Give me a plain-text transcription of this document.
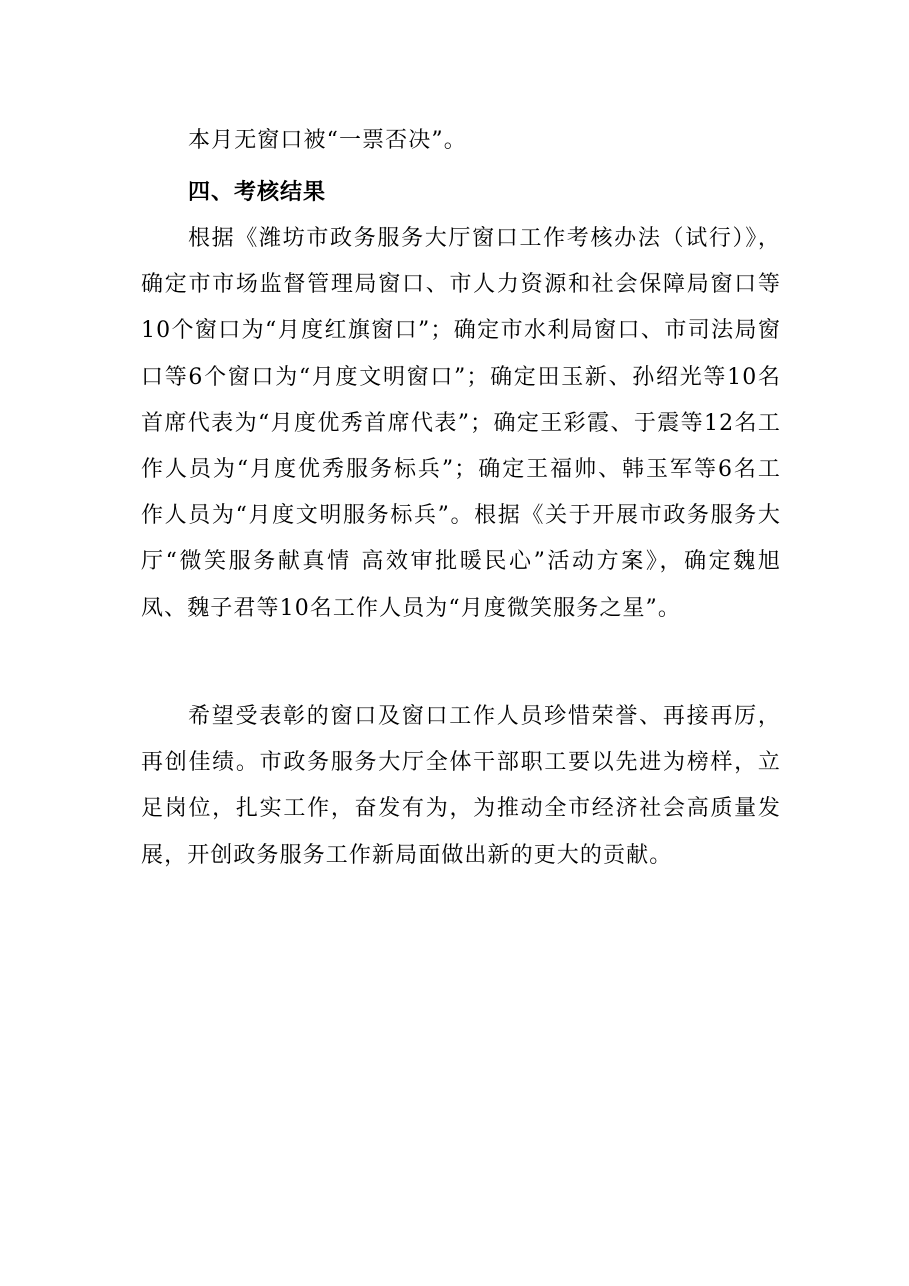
本月无窗口被“一票否决”。
四、考核结果
根据《潍坊市政务服务大厅窗口工作考核办法（试行）》，确定市市场监督管理局窗口、市人力资源和社会保障局窗口等10个窗口为“月度红旗窗口”；确定市水利局窗口、市司法局窗口等6个窗口为“月度文明窗口”；确定田玉新、孙绍光等10名首席代表为“月度优秀首席代表”；确定王彩霞、于震等12名工作人员为“月度优秀服务标兵”；确定王福帅、韩玉军等6名工作人员为“月度文明服务标兵”。根据《关于开展市政务服务大厅“微笑服务献真情 高效审批暖民心”活动方案》，确定魏旭凤、魏子君等10名工作人员为“月度微笑服务之星”。
希望受表彰的窗口及窗口工作人员珍惜荣誉、再接再厉，再创佳绩。市政务服务大厅全体干部职工要以先进为榜样，立足岗位，扎实工作，奋发有为，为推动全市经济社会高质量发展，开创政务服务工作新局面做出新的更大的贡献。
